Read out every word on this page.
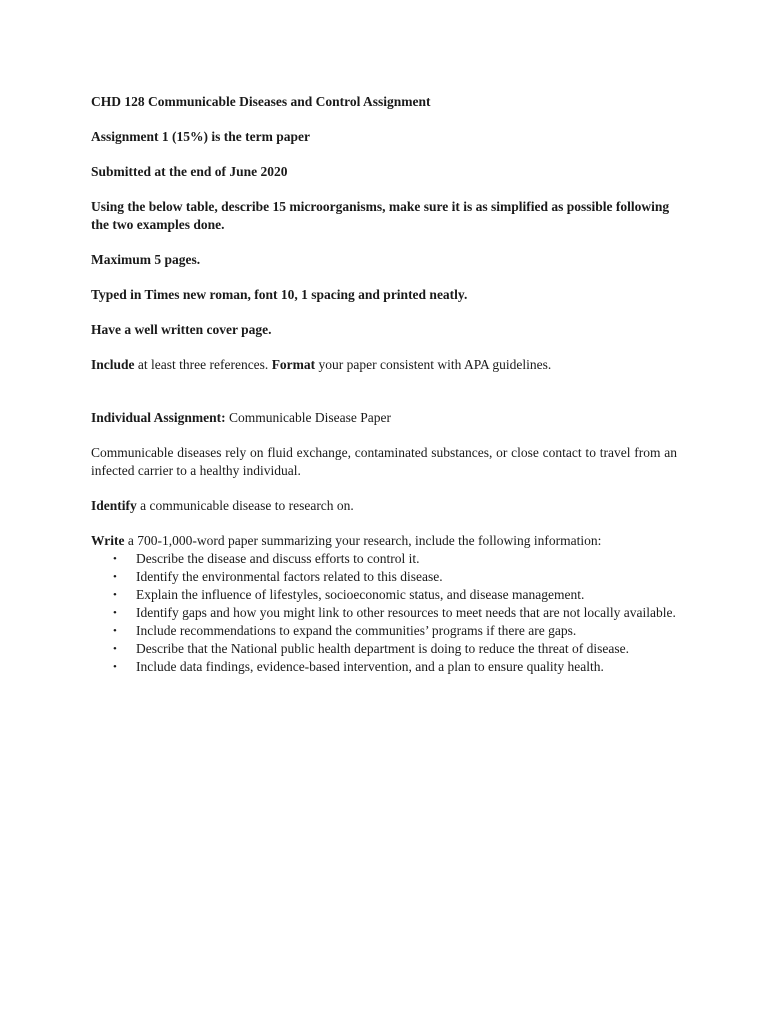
CHD 128 Communicable Diseases and Control Assignment

Assignment 1 (15%) is the term paper

Submitted at the end of June 2020

Using the below table, describe 15 microorganisms, make sure it is as simplified as possible following the two examples done.

Maximum 5 pages.

Typed in Times new roman, font 10, 1 spacing and printed neatly.

Have a well written cover page.

Include at least three references. Format your paper consistent with APA guidelines.

Individual Assignment: Communicable Disease Paper

Communicable diseases rely on fluid exchange, contaminated substances, or close contact to travel from an infected carrier to a healthy individual.

Identify a communicable disease to research on.

Write a 700-1,000-word paper summarizing your research, include the following information:

• Describe the disease and discuss efforts to control it.
• Identify the environmental factors related to this disease.
• Explain the influence of lifestyles, socioeconomic status, and disease management.
• Identify gaps and how you might link to other resources to meet needs that are not locally available.
• Include recommendations to expand the communities’ programs if there are gaps.
• Describe that the National public health department is doing to reduce the threat of disease.
• Include data findings, evidence-based intervention, and a plan to ensure quality health.
